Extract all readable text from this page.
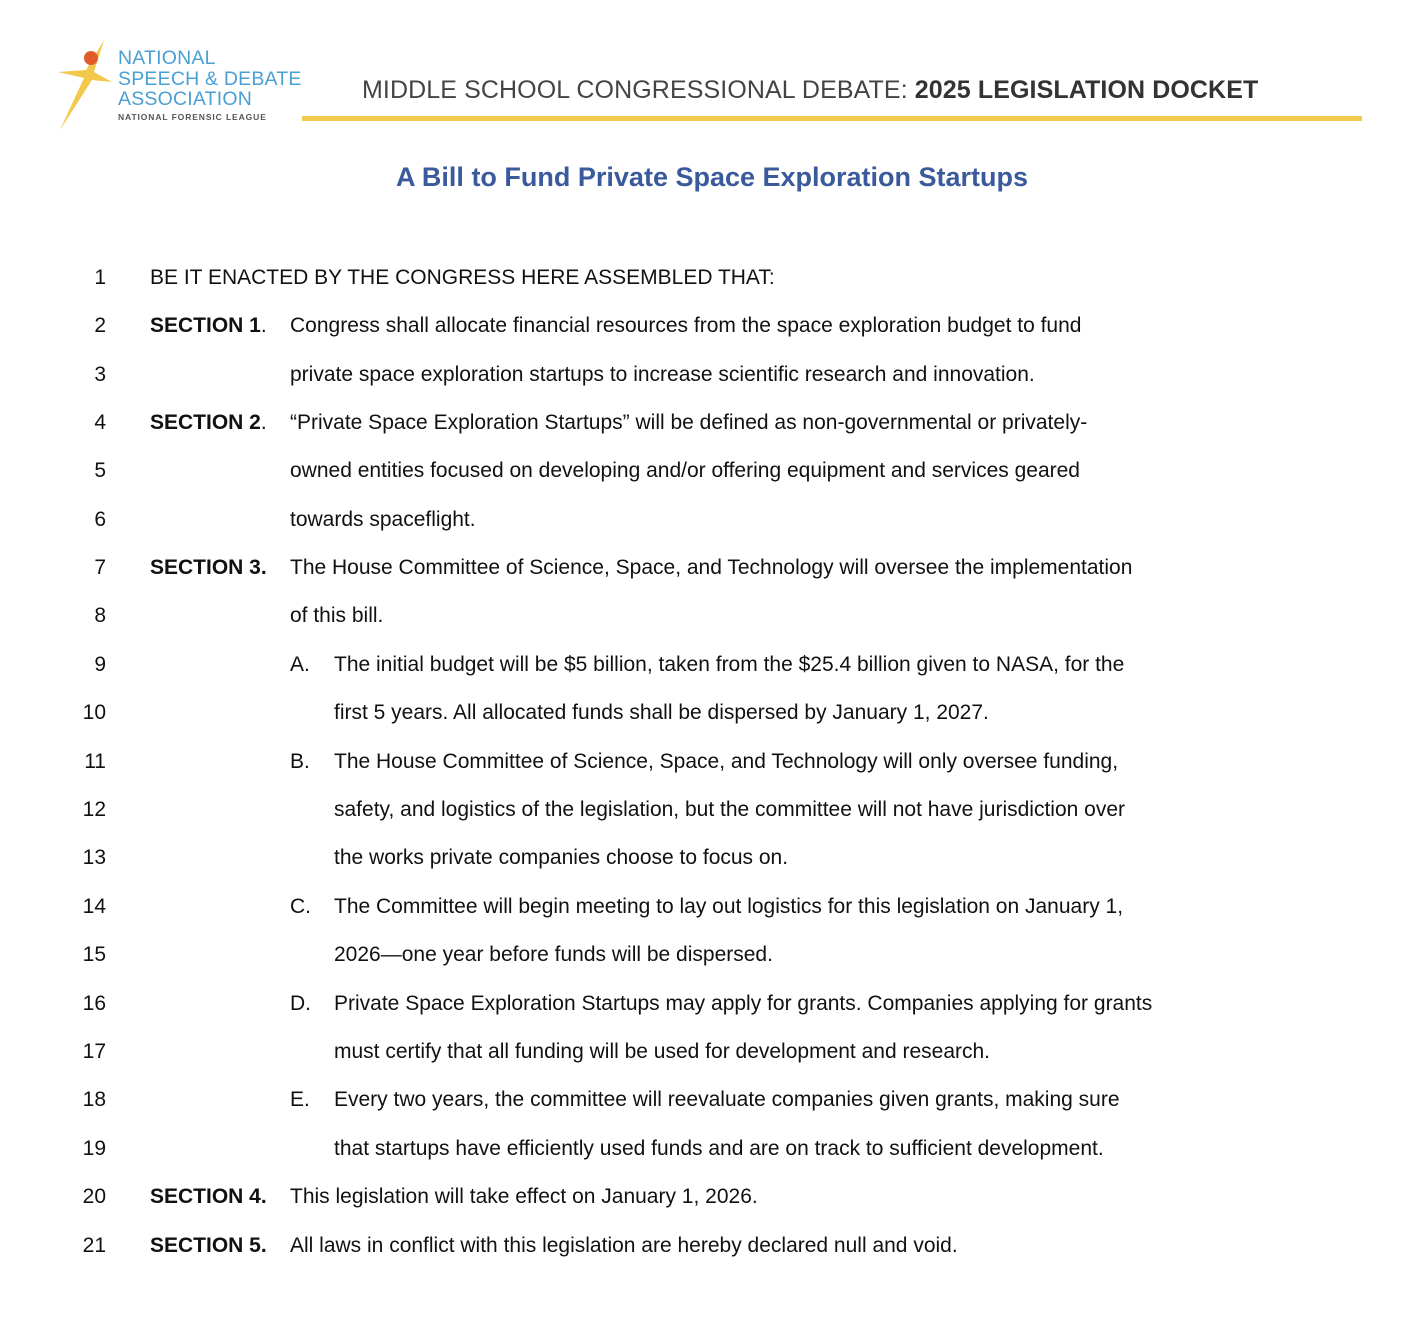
NATIONAL
SPEECH & DEBATE
ASSOCIATION
NATIONAL FORENSIC LEAGUE
MIDDLE SCHOOL CONGRESSIONAL DEBATE: 2025 LEGISLATION DOCKET
A Bill to Fund Private Space Exploration Startups
1
2
3
4
5
6
7
8
9
10
11
12
13
14
15
16
17
18
19
20
21
BE IT ENACTED BY THE CONGRESS HERE ASSEMBLED THAT:
SECTION 1. Congress shall allocate financial resources from the space exploration budget to fund
private space exploration startups to increase scientific research and innovation.
SECTION 2. “Private Space Exploration Startups” will be defined as non-governmental or privately-
owned entities focused on developing and/or offering equipment and services geared
towards spaceflight.
SECTION 3. The House Committee of Science, Space, and Technology will oversee the implementation
of this bill.
A. The initial budget will be $5 billion, taken from the $25.4 billion given to NASA, for the
first 5 years. All allocated funds shall be dispersed by January 1, 2027.
B. The House Committee of Science, Space, and Technology will only oversee funding,
safety, and logistics of the legislation, but the committee will not have jurisdiction over
the works private companies choose to focus on.
C. The Committee will begin meeting to lay out logistics for this legislation on January 1,
2026—one year before funds will be dispersed.
D. Private Space Exploration Startups may apply for grants. Companies applying for grants
must certify that all funding will be used for development and research.
E. Every two years, the committee will reevaluate companies given grants, making sure
that startups have efficiently used funds and are on track to sufficient development.
SECTION 4. This legislation will take effect on January 1, 2026.
SECTION 5. All laws in conflict with this legislation are hereby declared null and void.
